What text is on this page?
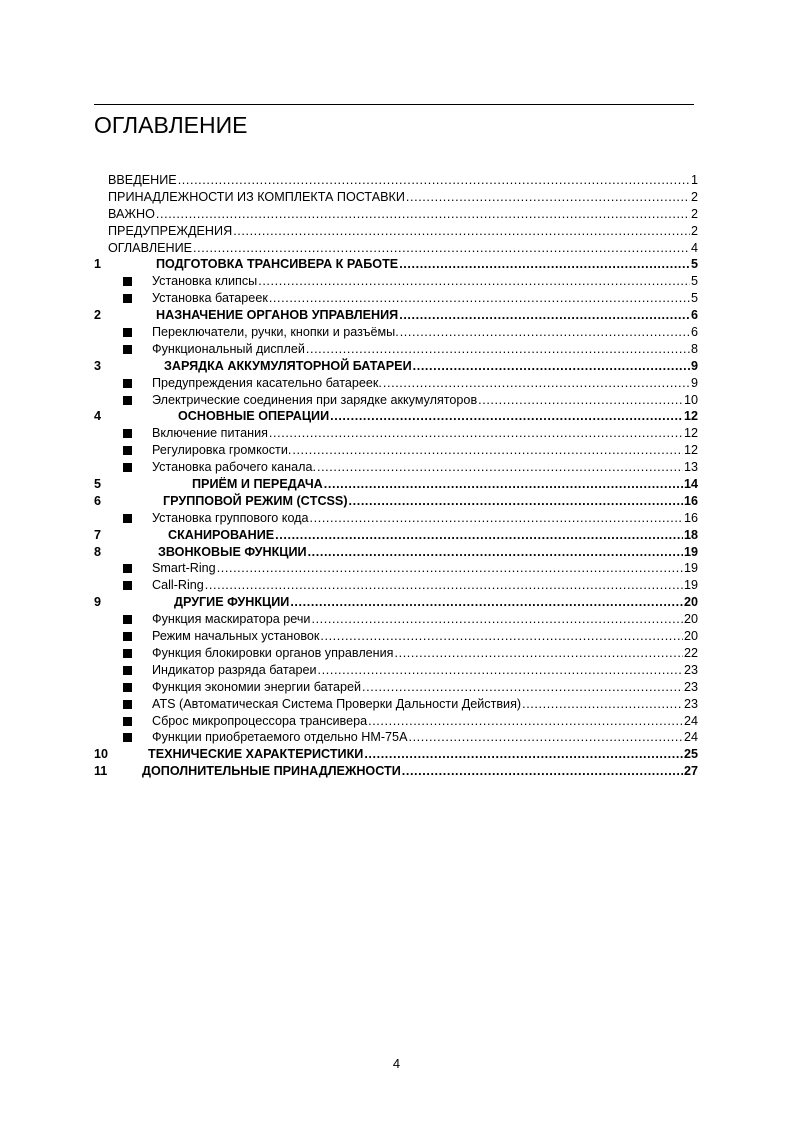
ОГЛАВЛЕНИЕ
ВВЕДЕНИЕ .....	1
ПРИНАДЛЕЖНОСТИ ИЗ КОМПЛЕКТА ПОСТАВКИ .....	2
ВАЖНО .....	2
ПРЕДУПРЕЖДЕНИЯ .....	2
ОГЛАВЛЕНИЕ .....	4
1	ПОДГОТОВКА ТРАНСИВЕРА К РАБОТЕ .....	5
Установка клипсы .....	5
Установка батареек .....	5
2	НАЗНАЧЕНИЕ ОРГАНОВ УПРАВЛЕНИЯ .....	6
Переключатели, ручки, кнопки и разъёмы. .....	6
Функциональный дисплей .....	8
3	ЗАРЯДКА АККУМУЛЯТОРНОЙ БАТАРЕИ .....	9
Предупреждения касательно батареек. .....	9
Электрические соединения при зарядке аккумуляторов .....	10
4	ОСНОВНЫЕ ОПЕРАЦИИ .....	12
Включение питания .....	12
Регулировка громкости. .....	12
Установка рабочего канала. .....	13
5	ПРИЁМ И ПЕРЕДАЧА .....	14
6	ГРУППОВОЙ РЕЖИМ (CTCSS) .....	16
Установка группового кода .....	16
7	СКАНИРОВАНИЕ .....	18
8	ЗВОНКОВЫЕ ФУНКЦИИ .....	19
Smart-Ring .....	19
Call-Ring .....	19
9	ДРУГИЕ ФУНКЦИИ .....	20
Функция маскиратора речи .....	20
Режим начальных установок .....	20
Функция блокировки органов управления .....	22
Индикатор разряда батареи .....	23
Функция экономии энергии батарей .....	23
ATS (Автоматическая Система Проверки Дальности Действия) .....	23
Сброс микропроцессора трансивера .....	24
Функции приобретаемого отдельно HM-75A .....	24
10	ТЕХНИЧЕСКИЕ ХАРАКТЕРИСТИКИ .....	25
11	ДОПОЛНИТЕЛЬНЫЕ ПРИНАДЛЕЖНОСТИ .....	27
4
